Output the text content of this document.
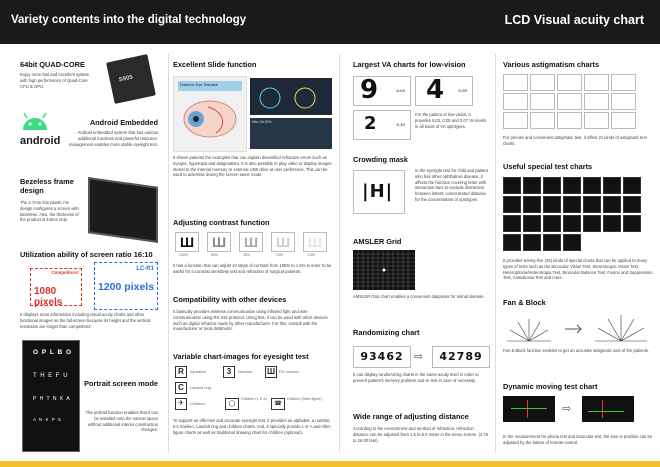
Variety contents into the digital technology	LCD Visual acuity chart
64bit QUAD-CORE

Enjoy more fast and excellent system with high performance of Quad-Core CPU & GPU.

S905
android
Android Embedded

Android embedded system that has various additional functions and powerful resource-management enables more stable eyesight test.

Bezeless frame design

The 2.7mm thin plastic rim design configures a screen with Bezeless. Also, the thickness of the product is 44mm only.

Utilization ability of screen ratio 16:10
Competitors'
1080 pixels
LC-R1
1200 pixels

It displays more information including visual acuity charts and other functional images on the full-screen because its height and the vertical resolution are longer than competitors'.

O P L B O
T H E F U
P H T N K A
A N K P S
Portrait screen mode

The portrait function enables that it can be installed onto the narrow space without additional interior construction changes.

Excellent Slide function
Diabetic Eye Disease
Mac 4A 30%

It shows patients the examples that can explain diversified refractive errors such as myopia, hyperopia and astigmatism. It is also possible to play video or display images stored to the internal memory or external USB drive at user preference. This can be used to advertise during the screen saver mode.

Adjusting contrast function
Ш	Ш	Ш	Ш	Ш
100%	50%	25%	7.5%	1.5%

It has a function that can adjust 10 steps of contrast from 100% to 1.5% in order to be useful for a contrast sensitivity test and refraction of surgical patients.

Compatibility with other devices

It basically provides wireless communication using infrared light and wire communication using RS-232 protocol. Using this, it can be used with other devices such as digital refractor made by other manufacturer. For this, consult with the manufacturer or local distributor.

Variable chart-images for eyesight test
R	Alphabet	3	Number Ш E's number
C	Landolt ring
✈	Children	◯
Children (L·E·A)
☎
Children (Allen figure)

To support an effective and accurate eyesight test, it provides an alphabet, a number, E's Snellen, Landolt ring and children charts. And, it specially provide L·E·A and Allen figure charts as well as traditional drawing chart for children (optional).

Largest VA charts for low-vision
9	0.05 4	0.05
2	0.10

For the patient of low-vision, it provides 0.03, 0.05 and 0.07 VA levels in all kinds of VA optotypes.

Crowding mask
|H|

In the eyesight test for child and patient who has other ophthalmic disease, it affects the function covering letter with interaction bars to exclude distraction between letters' concentrated distance for the concentration of optotypes.

AMSLER Grid

AMSLER Grid chart enables a convenient diagnosis for retinal disease.

Randomizing chart
93462 ⇨	42789

It can display randomizing charts in the same acuity level in order to prevent patient's memory problem and re-test in case of necessity.

Wide range of adjusting distance

According to the environment and method of refraction, refraction distance can be adjusted from 1.5 to 8.0 meter in the menu screen. (4.75 to 26.00 feet)

Various astigmatism charts

For precise and convenient astigmatic test, it offers 21 kinds of astigmatic test charts.

Useful special test charts

It provides twenty-five (25) kinds of special charts that can be applied to many types of tests such as the Binocular Vision Test, Stereoscopic Vision Test, Heterophoria/Heterotropia Test, Binocular Balance Test, Fusion and Suppression Test, Aniseikonia Test and more.

Fan & Block

Fan & Block function enables to get an accurate astigmatic axis of the patients.

Dynamic moving test chart
⇨

In the measurement for phoria test and binocular test, the size or position can be adjusted by the button of remote-control.
